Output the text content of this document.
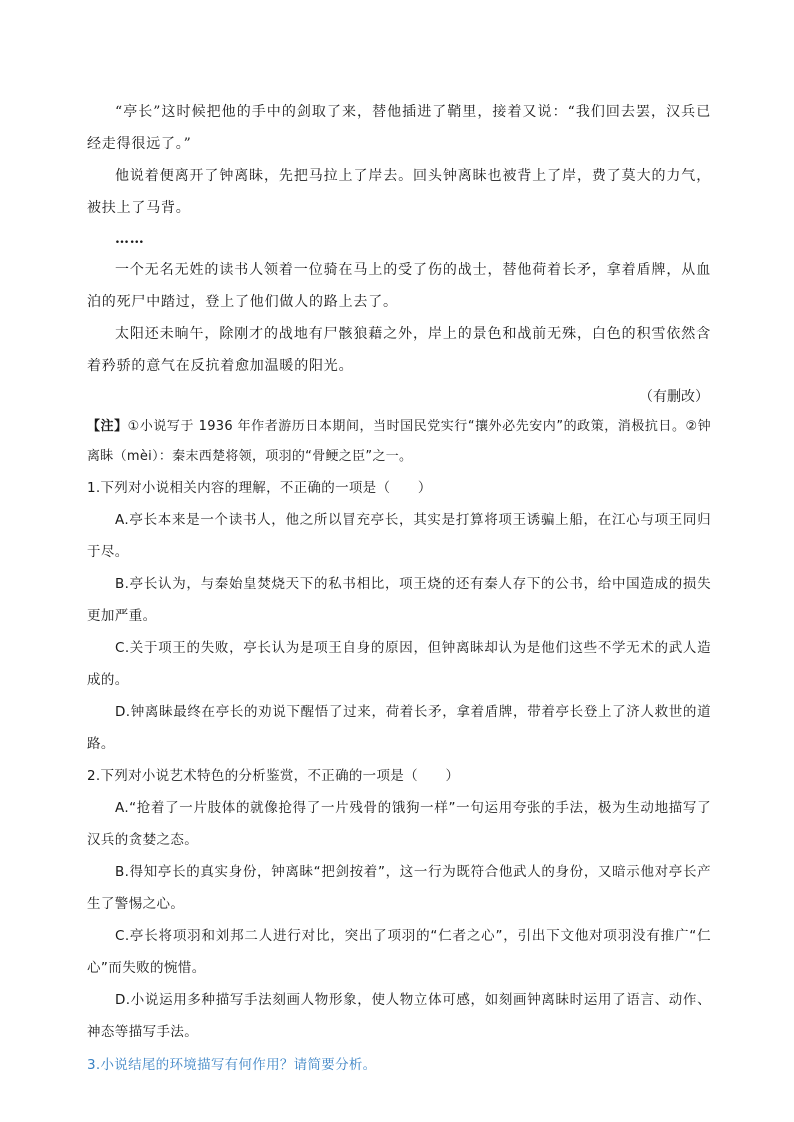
“亭长”这时候把他的手中的剑取了来，替他插进了鞘里，接着又说：“我们回去罢，汉兵已经走得很远了。”

他说着便离开了钟离眛，先把马拉上了岸去。回头钟离眛也被背上了岸，费了莫大的力气，被扶上了马背。

……

一个无名无姓的读书人领着一位骑在马上的受了伤的战士，替他荷着长矛，拿着盾牌，从血泊的死尸中踏过，登上了他们做人的路上去了。

太阳还未晌午，除刚才的战地有尸骸狼藉之外，岸上的景色和战前无殊，白色的积雪依然含着矜骄的意气在反抗着愈加温暖的阳光。

（有删改）

【注】①小说写于 1936 年作者游历日本期间，当时国民党实行“攘外必先安内”的政策，消极抗日。②钟离眛（mèi）：秦末西楚将领，项羽的“骨鲠之臣”之一。

1.下列对小说相关内容的理解，不正确的一项是（　　）

A.亭长本来是一个读书人，他之所以冒充亭长，其实是打算将项王诱骗上船，在江心与项王同归于尽。

B.亭长认为，与秦始皇焚烧天下的私书相比，项王烧的还有秦人存下的公书，给中国造成的损失更加严重。

C.关于项王的失败，亭长认为是项王自身的原因，但钟离眛却认为是他们这些不学无术的武人造成的。

D.钟离眛最终在亭长的劝说下醒悟了过来，荷着长矛，拿着盾牌，带着亭长登上了济人救世的道路。

2.下列对小说艺术特色的分析鉴赏，不正确的一项是（　　）

A.“抢着了一片肢体的就像抢得了一片残骨的饿狗一样”一句运用夸张的手法，极为生动地描写了汉兵的贪婪之态。

B.得知亭长的真实身份，钟离眛“把剑按着”，这一行为既符合他武人的身份，又暗示他对亭长产生了警惕之心。

C.亭长将项羽和刘邦二人进行对比，突出了项羽的“仁者之心”，引出下文他对项羽没有推广“仁心”而失败的惋惜。

D.小说运用多种描写手法刻画人物形象，使人物立体可感，如刻画钟离眛时运用了语言、动作、神态等描写手法。

3.小说结尾的环境描写有何作用？请简要分析。
